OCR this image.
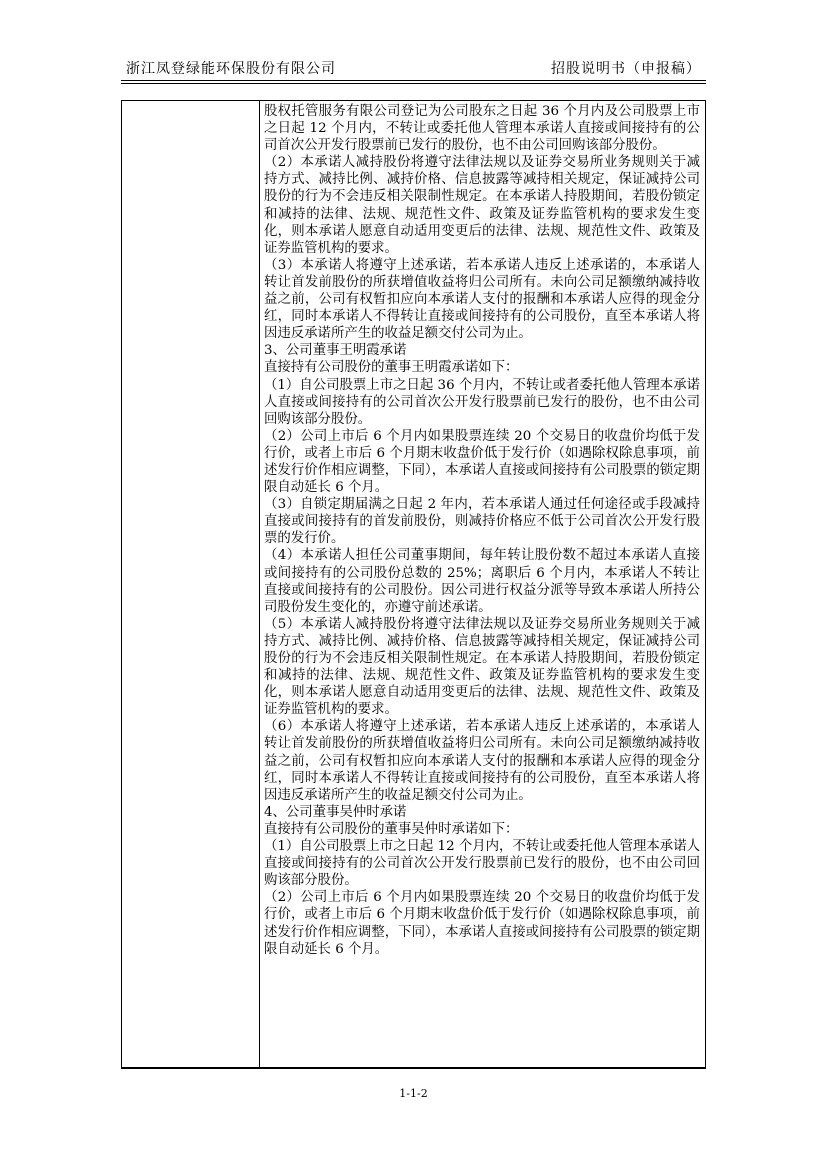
浙江凤登绿能环保股份有限公司	招股说明书（申报稿）

股权托管服务有限公司登记为公司股东之日起 36 个月内及公司股票上市之日起 12 个月内，不转让或委托他人管理本承诺人直接或间接持有的公司首次公开发行股票前已发行的股份，也不由公司回购该部分股份。

（2）本承诺人减持股份将遵守法律法规以及证券交易所业务规则关于减持方式、减持比例、减持价格、信息披露等减持相关规定，保证减持公司股份的行为不会违反相关限制性规定。在本承诺人持股期间，若股份锁定和减持的法律、法规、规范性文件、政策及证券监管机构的要求发生变化，则本承诺人愿意自动适用变更后的法律、法规、规范性文件、政策及证券监管机构的要求。

（3）本承诺人将遵守上述承诺，若本承诺人违反上述承诺的，本承诺人转让首发前股份的所获增值收益将归公司所有。未向公司足额缴纳减持收益之前，公司有权暂扣应向本承诺人支付的报酬和本承诺人应得的现金分红，同时本承诺人不得转让直接或间接持有的公司股份，直至本承诺人将因违反承诺所产生的收益足额交付公司为止。

3、公司董事王明霞承诺

直接持有公司股份的董事王明霞承诺如下：

（1）自公司股票上市之日起 36 个月内，不转让或者委托他人管理本承诺人直接或间接持有的公司首次公开发行股票前已发行的股份，也不由公司回购该部分股份。

（2）公司上市后 6 个月内如果股票连续 20 个交易日的收盘价均低于发行价，或者上市后 6 个月期末收盘价低于发行价（如遇除权除息事项，前述发行价作相应调整，下同），本承诺人直接或间接持有公司股票的锁定期限自动延长 6 个月。

（3）自锁定期届满之日起 2 年内，若本承诺人通过任何途径或手段减持直接或间接持有的首发前股份，则减持价格应不低于公司首次公开发行股票的发行价。

（4）本承诺人担任公司董事期间，每年转让股份数不超过本承诺人直接或间接持有的公司股份总数的 25%；离职后 6 个月内，本承诺人不转让直接或间接持有的公司股份。因公司进行权益分派等导致本承诺人所持公司股份发生变化的，亦遵守前述承诺。

（5）本承诺人减持股份将遵守法律法规以及证券交易所业务规则关于减持方式、减持比例、减持价格、信息披露等减持相关规定，保证减持公司股份的行为不会违反相关限制性规定。在本承诺人持股期间，若股份锁定和减持的法律、法规、规范性文件、政策及证券监管机构的要求发生变化，则本承诺人愿意自动适用变更后的法律、法规、规范性文件、政策及证券监管机构的要求。

（6）本承诺人将遵守上述承诺，若本承诺人违反上述承诺的，本承诺人转让首发前股份的所获增值收益将归公司所有。未向公司足额缴纳减持收益之前，公司有权暂扣应向本承诺人支付的报酬和本承诺人应得的现金分红，同时本承诺人不得转让直接或间接持有的公司股份，直至本承诺人将因违反承诺所产生的收益足额交付公司为止。

4、公司董事吴仲时承诺

直接持有公司股份的董事吴仲时承诺如下：

（1）自公司股票上市之日起 12 个月内，不转让或委托他人管理本承诺人直接或间接持有的公司首次公开发行股票前已发行的股份，也不由公司回购该部分股份。

（2）公司上市后 6 个月内如果股票连续 20 个交易日的收盘价均低于发行价，或者上市后 6 个月期末收盘价低于发行价（如遇除权除息事项，前述发行价作相应调整，下同），本承诺人直接或间接持有公司股票的锁定期限自动延长 6 个月。

1-1-2
